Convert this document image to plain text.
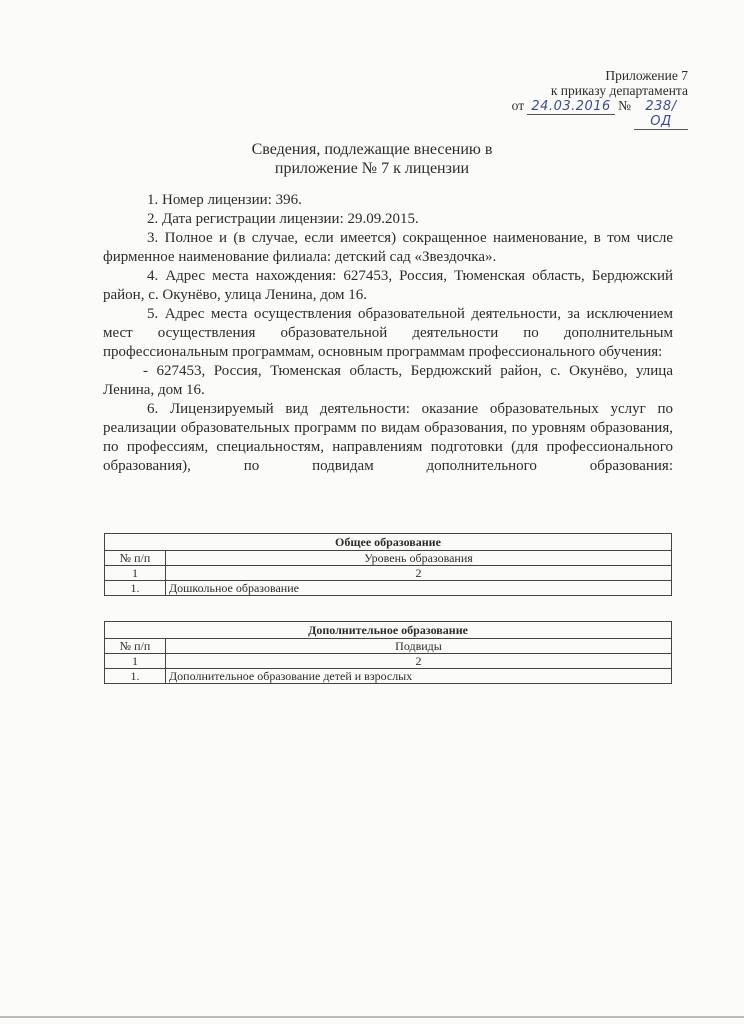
Приложение 7
к приказу департамента
от 24.03.2016 №	238/ОД
Сведения, подлежащие внесению в
приложение № 7 к лицензии

1. Номер лицензии: 396.

2. Дата регистрации лицензии: 29.09.2015.

3. Полное и (в случае, если имеется) сокращенное наименование, в том числе фирменное наименование филиала: детский сад «Звездочка».

4. Адрес места нахождения: 627453, Россия, Тюменская область, Бердюжский район, с. Окунёво, улица Ленина, дом 16.

5. Адрес места осуществления образовательной деятельности, за исключением мест осуществления образовательной деятельности по дополнительным профессиональным программам, основным программам профессионального обучения:

- 627453, Россия, Тюменская область, Бердюжский район, с. Окунёво, улица Ленина, дом 16.

6. Лицензируемый вид деятельности: оказание образовательных услуг по реализации образовательных программ по видам образования, по уровням образования, по профессиям, специальностям, направлениям подготовки (для профессионального образования), по подвидам дополнительного образования:

Общее образование	
№ п/п	Уровень образования
1	2
1.	Дошкольное образование
Дополнительное образование	
№ п/п	Подвиды
1	2
1.	Дополнительное образование детей и взрослых
